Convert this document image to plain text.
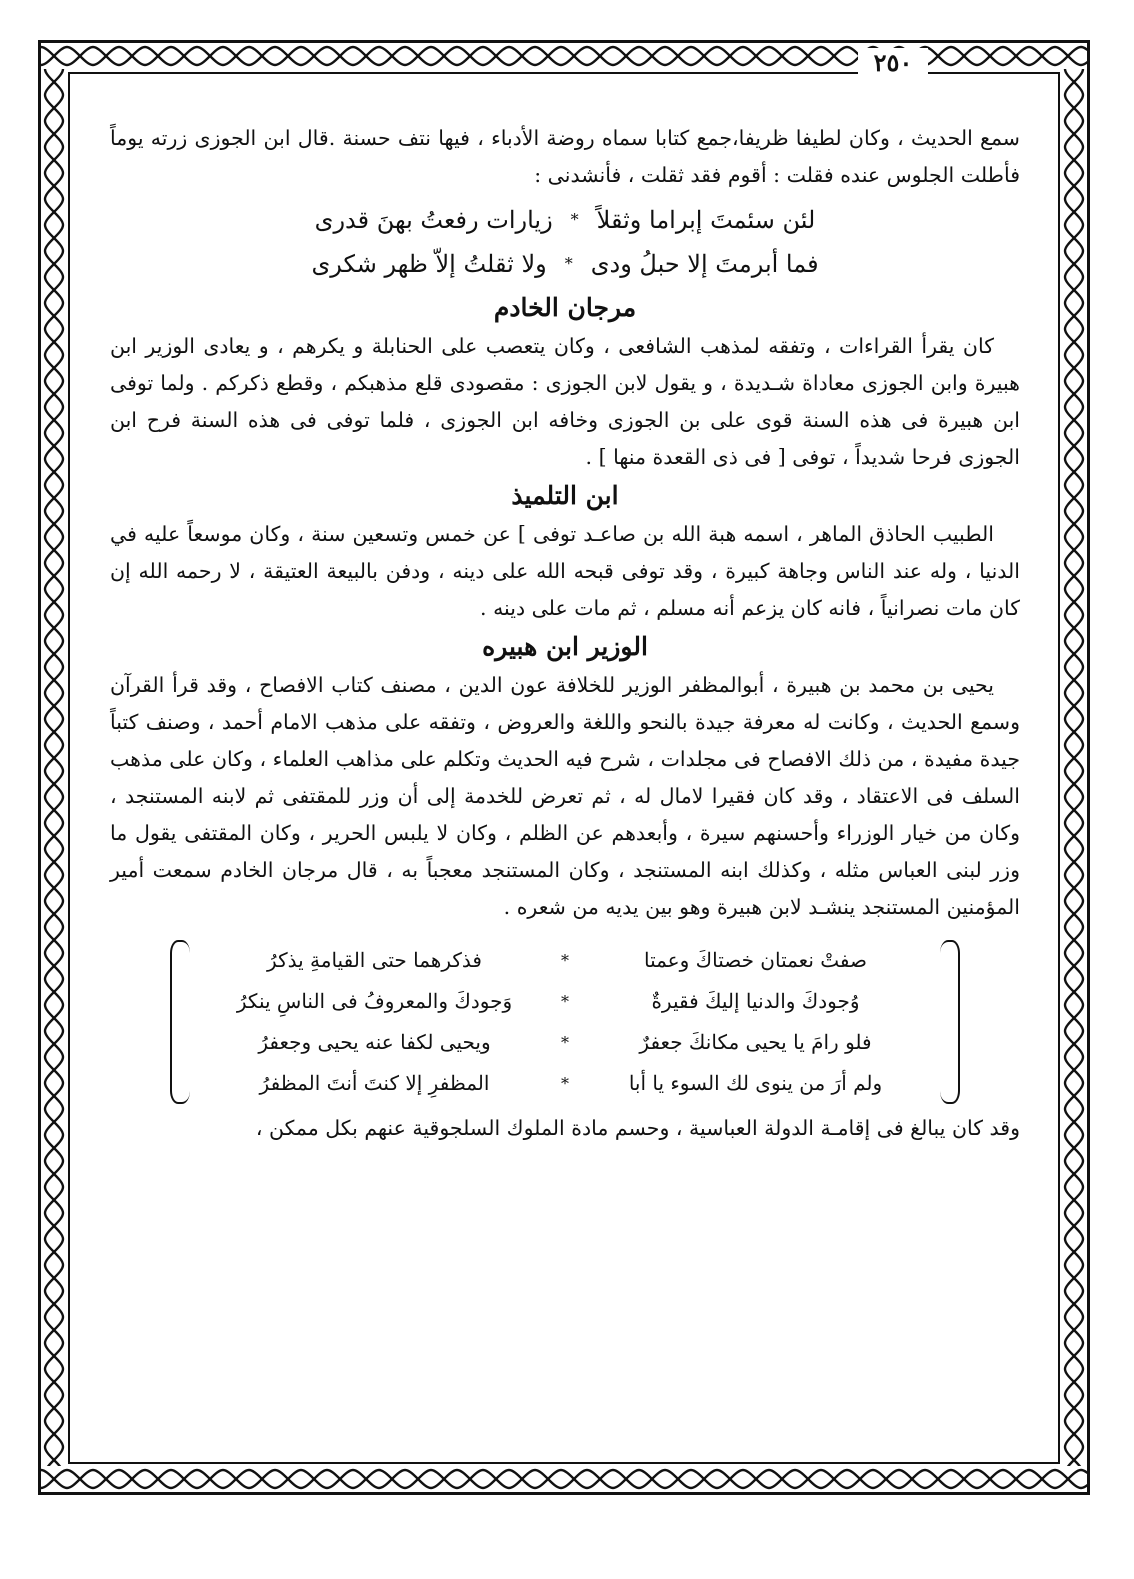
٢٥٠

سمع الحديث ، وكان لطيفا ظريفا،جمع كتابا سماه روضة الأدباء ، فيها نتف حسنة .قال ابن الجوزى زرته يوماً فأطلت الجلوس عنده فقلت : أقوم فقد ثقلت ، فأنشدنى :

لئن سئمتَ إبراما وثقلاً
*
زيارات رفعتُ بهنَ قدرى
فما أبرمتَ إلا حبلُ ودى
*
ولا ثقلتُ إلاّ ظهر شكرى
مرجان الخادم

كان يقرأ القراءات ، وتفقه لمذهب الشافعى ، وكان يتعصب على الحنابلة و يكرهم ، و يعادى الوزير ابن هبيرة وابن الجوزى معاداة شـديدة ، و يقول لابن الجوزى : مقصودى قلع مذهبكم ، وقطع ذكركم . ولما توفى ابن هبيرة فى هذه السنة قوى على بن الجوزى وخافه ابن الجوزى ، فلما توفى فى هذه السنة فرح ابن الجوزى فرحا شديداً ، توفى [ فى ذى القعدة منها ] .

ابن التلميذ

الطبيب الحاذق الماهر ، اسمه هبة الله بن صاعـد توفى ] عن خمس وتسعين سنة ، وكان موسعاً عليه في الدنيا ، وله عند الناس وجاهة كبيرة ، وقد توفى قبحه الله على دينه ، ودفن بالبيعة العتيقة ، لا رحمه الله إن كان مات نصرانياً ، فانه كان يزعم أنه مسلم ، ثم مات على دينه .

الوزير ابن هبيره

يحيى بن محمد بن هبيرة ، أبوالمظفر الوزير للخلافة عون الدين ، مصنف كتاب الافصاح ، وقد قرأ القرآن وسمع الحديث ، وكانت له معرفة جيدة بالنحو واللغة والعروض ، وتفقه على مذهب الامام أحمد ، وصنف كتباً جيدة مفيدة ، من ذلك الافصاح فى مجلدات ، شرح فيه الحديث وتكلم على مذاهب العلماء ، وكان على مذهب السلف فى الاعتقاد ، وقد كان فقيرا لامال له ، ثم تعرض للخدمة إلى أن وزر للمقتفى ثم لابنه المستنجد ، وكان من خيار الوزراء وأحسنهم سيرة ، وأبعدهم عن الظلم ، وكان لا يلبس الحرير ، وكان المقتفى يقول ما وزر لبنى العباس مثله ، وكذلك ابنه المستنجد ، وكان المستنجد معجباً به ، قال مرجان الخادم سمعت أمير المؤمنين المستنجد ينشـد لابن هبيرة وهو بين يديه من شعره .

صفتْ نعمتان خصتاكَ وعمتا
*
فذكرهما حتى القيامةِ يذكرُ
وُجودكَ والدنيا إليكَ فقيرةٌ
*
وَجودكَ والمعروفُ فى الناسِ ينكرُ
فلو رامَ يا يحيى مكانكَ جعفرٌ
*
ويحيى لكفا عنه يحيى وجعفرُ
ولم أرَ من ينوى لك السوء يا أبا
*
المظفرِ إلا كنتَ أنتَ المظفرُ

وقد كان يبالغ فى إقامـة الدولة العباسية ، وحسم مادة الملوك السلجوقية عنهم بكل ممكن ،
